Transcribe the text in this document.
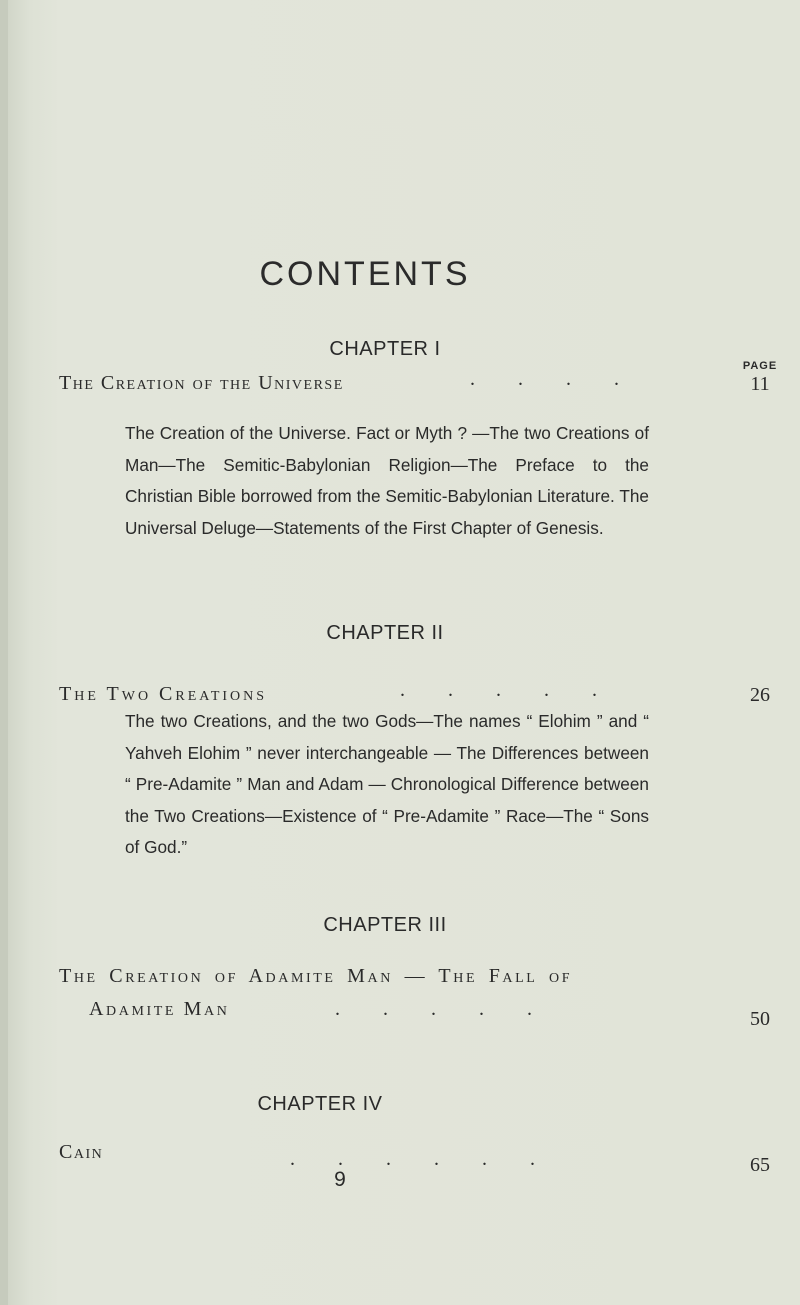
CONTENTS
CHAPTER I
PAGE
The Creation of the Universe	. . . .	11
The Creation of the Universe. Fact or Myth ? —The two Creations of Man—The Semitic-Babylonian Religion—The Preface to the Christian Bible borrowed from the Semitic-Babylonian Literature. The Universal Deluge—Statements of the First Chapter of Genesis.
CHAPTER II
The Two Creations	. . . . .	26
The two Creations, and the two Gods—The names “ Elohim ” and “ Yahveh Elohim ” never interchangeable — The Differences between “ Pre-Adamite ” Man and Adam — Chronological Difference between the Two Creations—Existence of “ Pre-Adamite ” Race—The “ Sons of God.”
CHAPTER III
The Creation of Adamite Man — The Fall of
Adamite Man	. . . . .	50
CHAPTER IV
Cain	. . . . . .	65
9
